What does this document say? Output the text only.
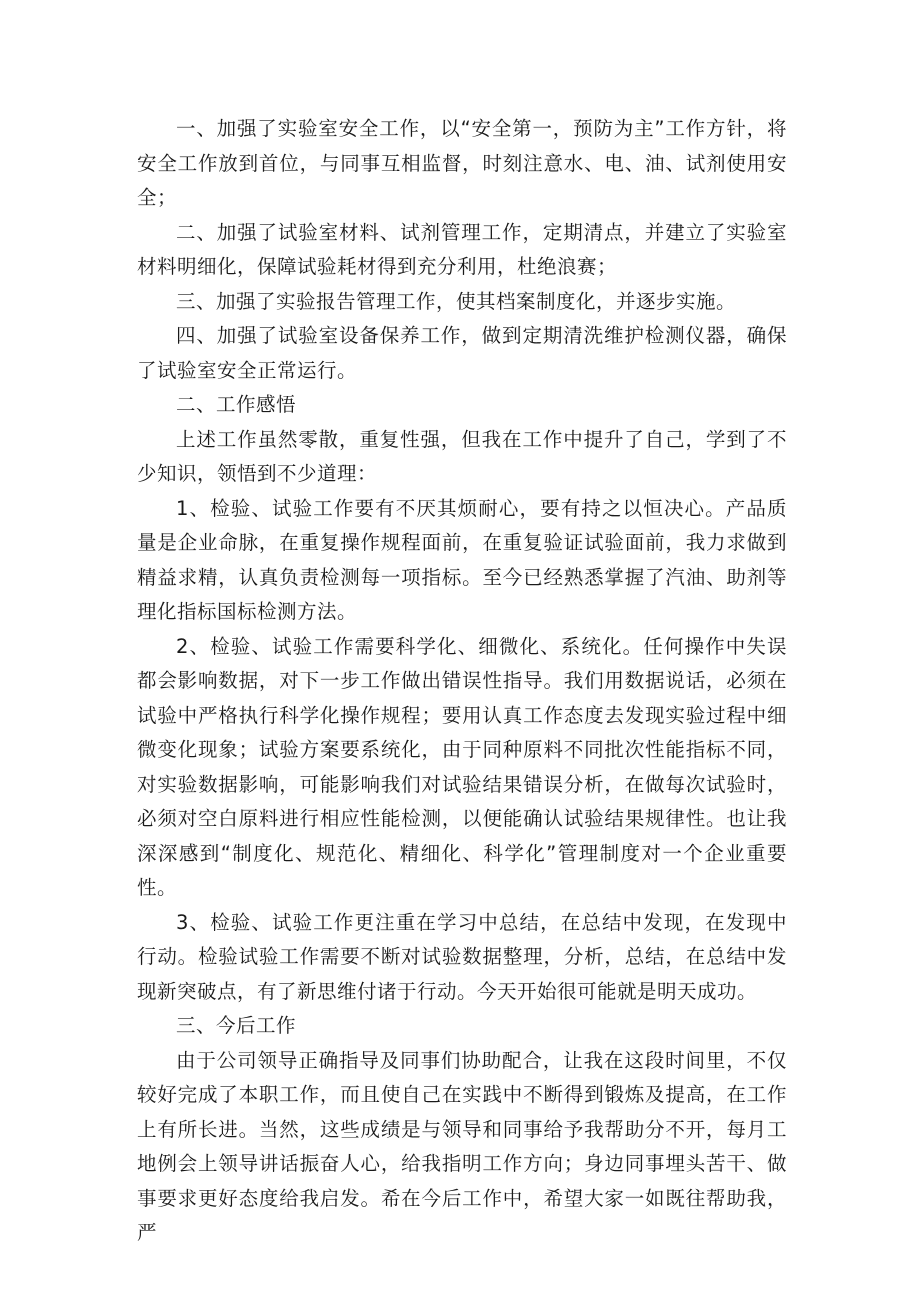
一、加强了实验室安全工作，以“安全第一，预防为主”工作方针，将安全工作放到首位，与同事互相监督，时刻注意水、电、油、试剂使用安全；

二、加强了试验室材料、试剂管理工作，定期清点，并建立了实验室材料明细化，保障试验耗材得到充分利用，杜绝浪赛；

三、加强了实验报告管理工作，使其档案制度化，并逐步实施。

四、加强了试验室设备保养工作，做到定期清洗维护检测仪器，确保了试验室安全正常运行。

二、工作感悟

上述工作虽然零散，重复性强，但我在工作中提升了自己，学到了不少知识，领悟到不少道理：

1、检验、试验工作要有不厌其烦耐心，要有持之以恒决心。产品质量是企业命脉，在重复操作规程面前，在重复验证试验面前，我力求做到精益求精，认真负责检测每一项指标。至今已经熟悉掌握了汽油、助剂等理化指标国标检测方法。

2、检验、试验工作需要科学化、细微化、系统化。任何操作中失误都会影响数据，对下一步工作做出错误性指导。我们用数据说话，必须在试验中严格执行科学化操作规程；要用认真工作态度去发现实验过程中细微变化现象；试验方案要系统化，由于同种原料不同批次性能指标不同，对实验数据影响，可能影响我们对试验结果错误分析，在做每次试验时，必须对空白原料进行相应性能检测，以便能确认试验结果规律性。也让我深深感到“制度化、规范化、精细化、科学化”管理制度对一个企业重要性。

3、检验、试验工作更注重在学习中总结，在总结中发现，在发现中行动。检验试验工作需要不断对试验数据整理，分析，总结，在总结中发现新突破点，有了新思维付诸于行动。今天开始很可能就是明天成功。

三、今后工作

由于公司领导正确指导及同事们协助配合，让我在这段时间里，不仅较好完成了本职工作，而且使自己在实践中不断得到锻炼及提高，在工作上有所长进。当然，这些成绩是与领导和同事给予我帮助分不开，每月工地例会上领导讲话振奋人心，给我指明工作方向；身边同事埋头苦干、做事要求更好态度给我启发。希在今后工作中，希望大家一如既往帮助我，严
